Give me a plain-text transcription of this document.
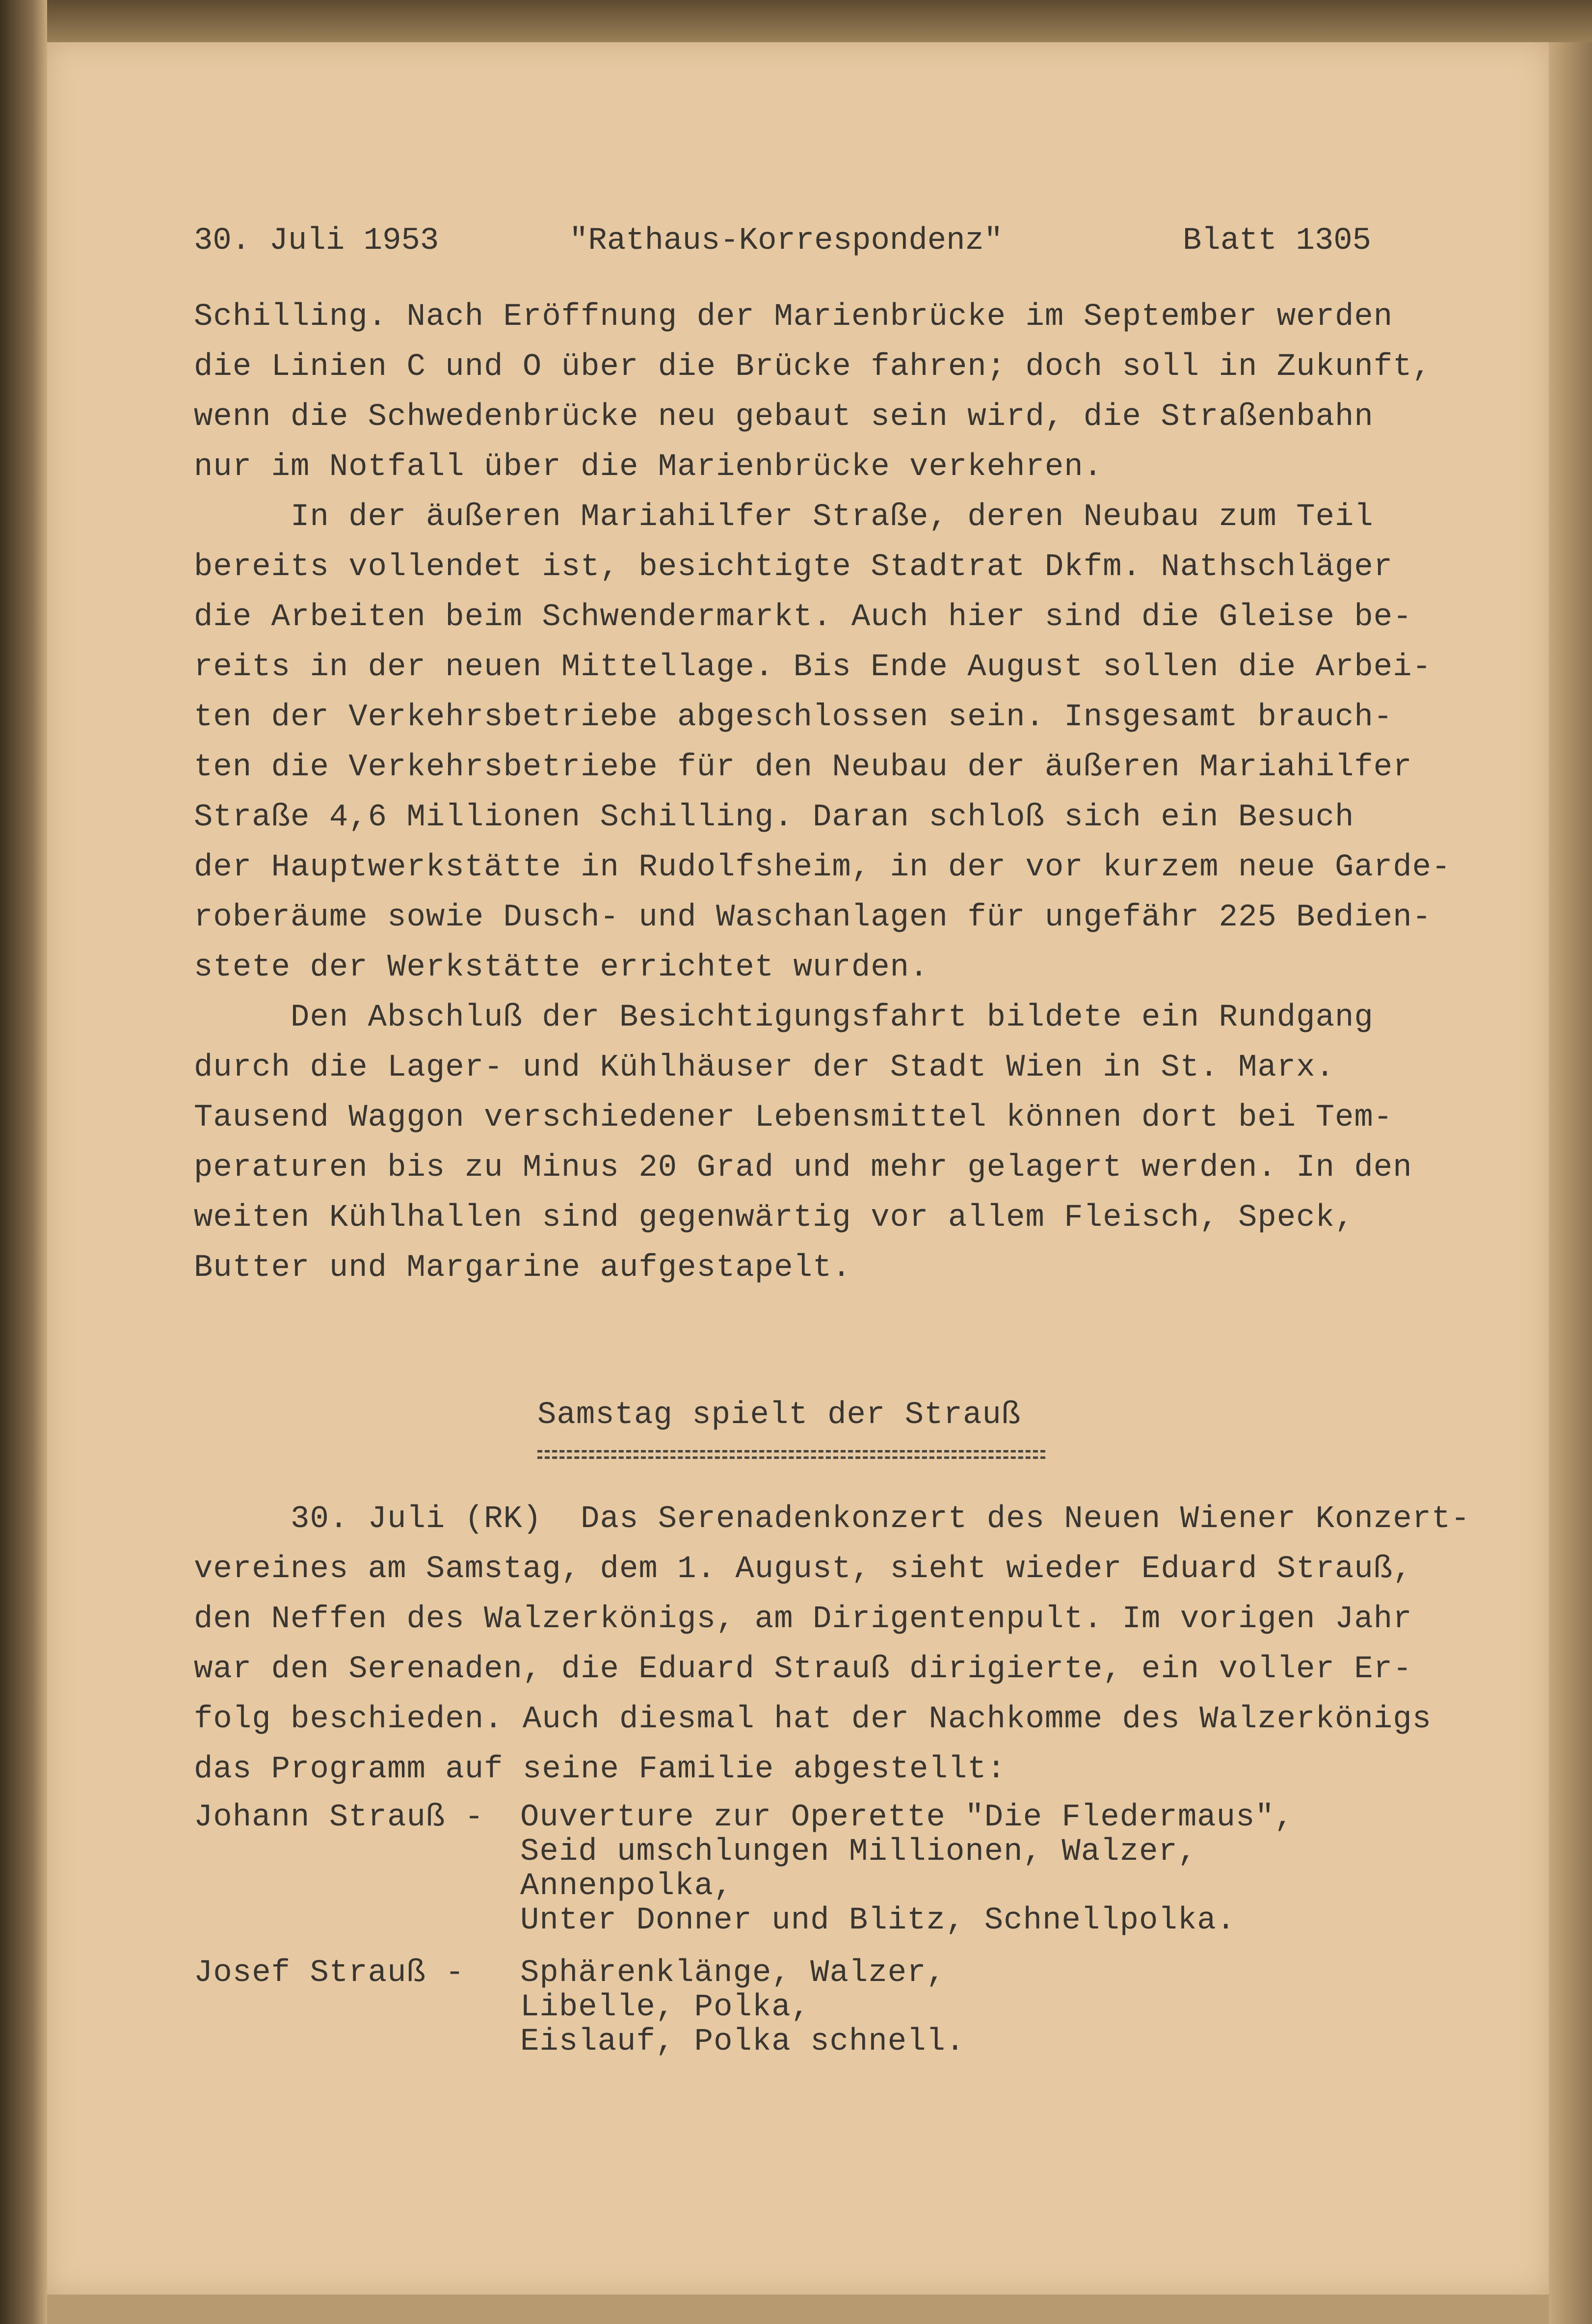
30. Juli 1953	"Rathaus-Korrespondenz"	Blatt 1305

Schilling. Nach Eröffnung der Marienbrücke im September werden

die Linien C und O über die Brücke fahren; doch soll in Zukunft,

wenn die Schwedenbrücke neu gebaut sein wird, die Straßenbahn

nur im Notfall über die Marienbrücke verkehren.

In der äußeren Mariahilfer Straße, deren Neubau zum Teil

bereits vollendet ist, besichtigte Stadtrat Dkfm. Nathschläger

die Arbeiten beim Schwendermarkt. Auch hier sind die Gleise be-

reits in der neuen Mittellage. Bis Ende August sollen die Arbei-

ten der Verkehrsbetriebe abgeschlossen sein. Insgesamt brauch-

ten die Verkehrsbetriebe für den Neubau der äußeren Mariahilfer

Straße 4,6 Millionen Schilling. Daran schloß sich ein Besuch

der Hauptwerkstätte in Rudolfsheim, in der vor kurzem neue Garde-

roberäume sowie Dusch- und Waschanlagen für ungefähr 225 Bedien-

stete der Werkstätte errichtet wurden.

Den Abschluß der Besichtigungsfahrt bildete ein Rundgang

durch die Lager- und Kühlhäuser der Stadt Wien in St. Marx.

Tausend Waggon verschiedener Lebensmittel können dort bei Tem-

peraturen bis zu Minus 20 Grad und mehr gelagert werden. In den

weiten Kühlhallen sind gegenwärtig vor allem Fleisch, Speck,

Butter und Margarine aufgestapelt.

Samstag spielt der Strauß

30. Juli (RK)  Das Serenadenkonzert des Neuen Wiener Konzert-

vereines am Samstag, dem 1. August, sieht wieder Eduard Strauß,

den Neffen des Walzerkönigs, am Dirigentenpult. Im vorigen Jahr

war den Serenaden, die Eduard Strauß dirigierte, ein voller Er-

folg beschieden. Auch diesmal hat der Nachkomme des Walzerkönigs

das Programm auf seine Familie abgestellt:

Johann Strauß -

Ouverture zur Operette "Die Fledermaus",

Seid umschlungen Millionen, Walzer,

Annenpolka,

Unter Donner und Blitz, Schnellpolka.

Josef Strauß -

Sphärenklänge, Walzer,

Libelle, Polka,

Eislauf, Polka schnell.
